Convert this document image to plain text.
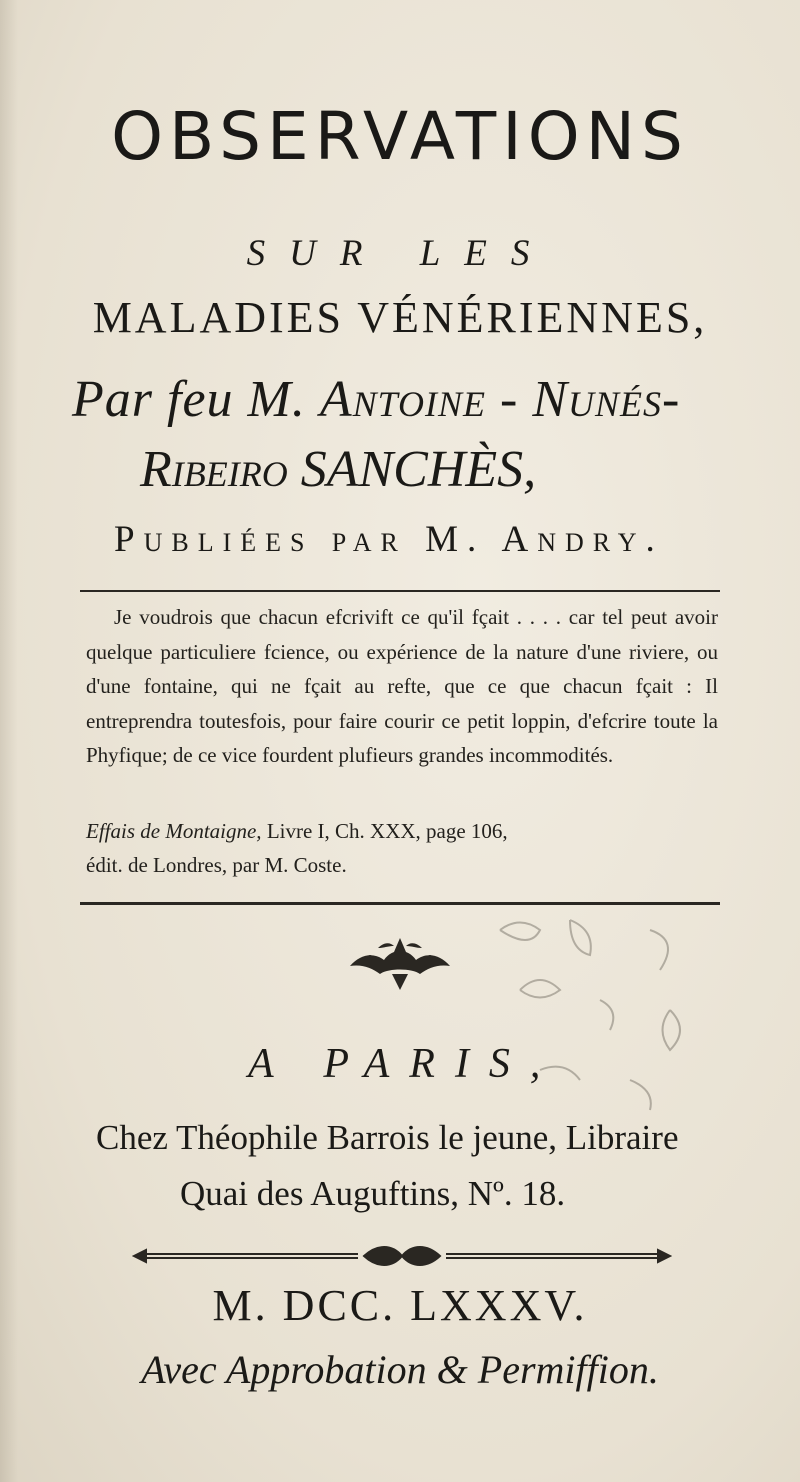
OBSERVATIONS
SUR LES
MALADIES VÉNÉRIENNES,
Par feu M. Antoine - Nunés-
Ribeiro SANCHÈS,
Publiées par M. Andry.
Je voudrois que chacun efcrivift ce qu'il fçait . . . . car tel peut avoir quelque particuliere fcience, ou expérience de la nature d'une riviere, ou d'une fontaine, qui ne fçait au refte, que ce que chacun fçait : Il entreprendra toutesfois, pour faire courir ce petit loppin, d'efcrire toute la Phyfique; de ce vice fourdent plufieurs grandes incommodités.
Effais de Montaigne, Livre I, Ch. XXX, page 106,
édit. de Londres, par M. Coste.
A PARIS,
Chez Théophile Barrois le jeune, Libraire
Quai des Auguftins, Nº. 18.
M. DCC. LXXXV.
Avec Approbation & Permiffion.
